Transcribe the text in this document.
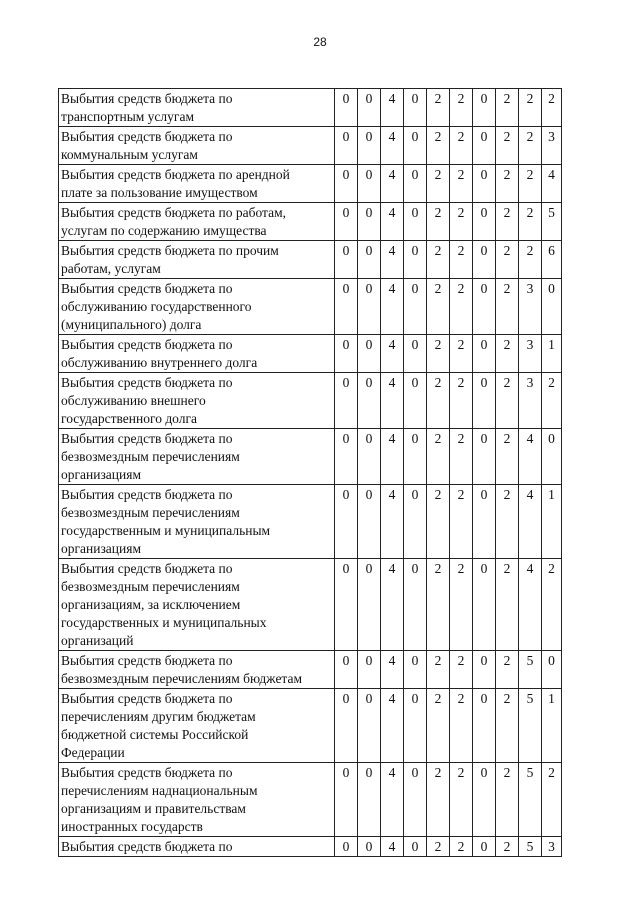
28
Выбытия средств бюджета по
транспортным услугам	0	0	4	0	2	2	0	2	2	2

Выбытия средств бюджета по
коммунальным услугам	0	0	4	0	2	2	0	2	2	3

Выбытия средств бюджета по арендной
плате за пользование имуществом	0	0	4	0	2	2	0	2	2	4

Выбытия средств бюджета по работам,
услугам по содержанию имущества	0	0	4	0	2	2	0	2	2	5

Выбытия средств бюджета по прочим
работам, услугам	0	0	4	0	2	2	0	2	2	6

Выбытия средств бюджета по
обслуживанию государственного
(муниципального) долга	0	0	4	0	2	2	0	2	3	0

Выбытия средств бюджета по
обслуживанию внутреннего долга	0	0	4	0	2	2	0	2	3	1

Выбытия средств бюджета по
обслуживанию внешнего
государственного долга	0	0	4	0	2	2	0	2	3	2

Выбытия средств бюджета по
безвозмездным перечислениям
организациям	0	0	4	0	2	2	0	2	4	0

Выбытия средств бюджета по
безвозмездным перечислениям
государственным и муниципальным
организациям	0	0	4	0	2	2	0	2	4	1

Выбытия средств бюджета по
безвозмездным перечислениям
организациям, за исключением
государственных и муниципальных
организаций	0	0	4	0	2	2	0	2	4	2

Выбытия средств бюджета по
безвозмездным перечислениям бюджетам	0	0	4	0	2	2	0	2	5	0

Выбытия средств бюджета по
перечислениям другим бюджетам
бюджетной системы Российской
Федерации	0	0	4	0	2	2	0	2	5	1

Выбытия средств бюджета по
перечислениям наднациональным
организациям и правительствам
иностранных государств	0	0	4	0	2	2	0	2	5	2

Выбытия средств бюджета по	0	0	4	0	2	2	0	2	5	3
